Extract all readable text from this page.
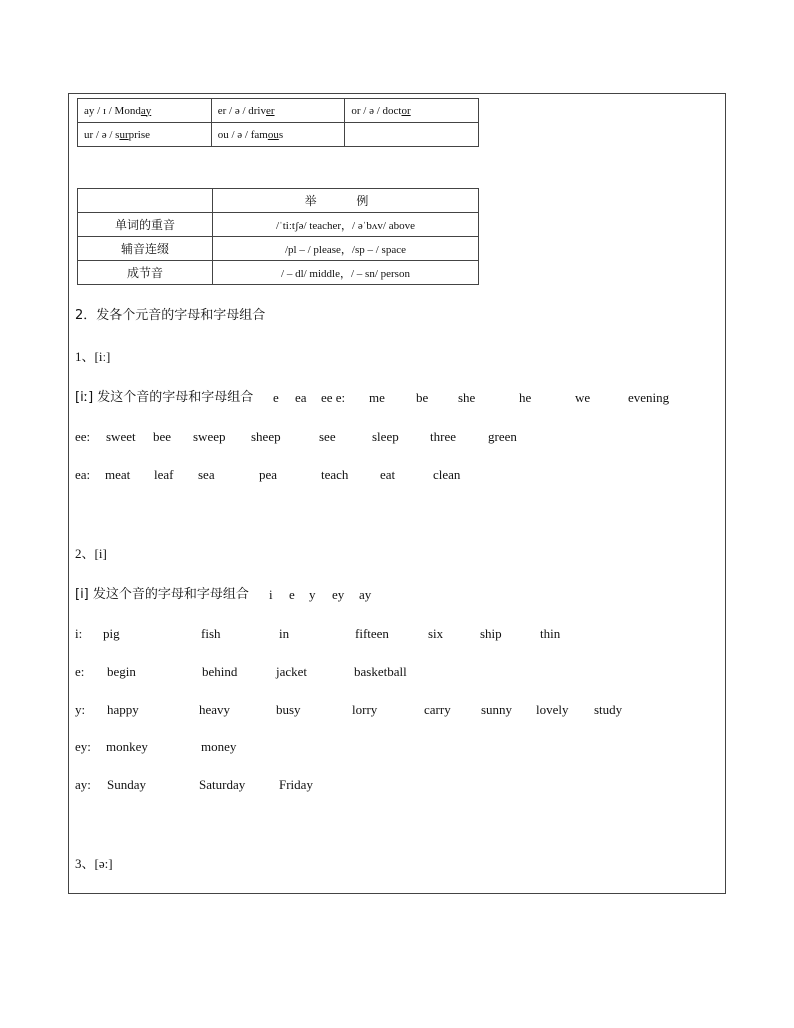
ay / ɪ / Monday	er / ə / driver	or / ə / doctor
ur / ə / surprise	ou / ə / famous	
	举 例
单词的重音	/ˈtiːtʃə/ teacher，/ əˈbʌv/ above
辅音连缀	/pl – / please，/sp – / space
成节音	/ – dl/ middle，/ – sn/ person
2．发各个元音的字母和字母组合
1、[iː]
[iː] 发这个音的字母和字母组合 e ea ee e: me be she	he	we	evening
ee: sweet bee sweep sheep	see	sleep three green
ea: meat leaf sea	pea	teach eat	clean
2、[i]
[i] 发这个音的字母和字母组合 i e y ey ay
i: pig	fish	in	fifteen	six	ship	thin
e: begin	behind	jacket	basketball
y: happy	heavy	busy	lorry	carry sunny lovely study
ey: monkey	money
ay: Sunday	Saturday	Friday
3、[ə:]
